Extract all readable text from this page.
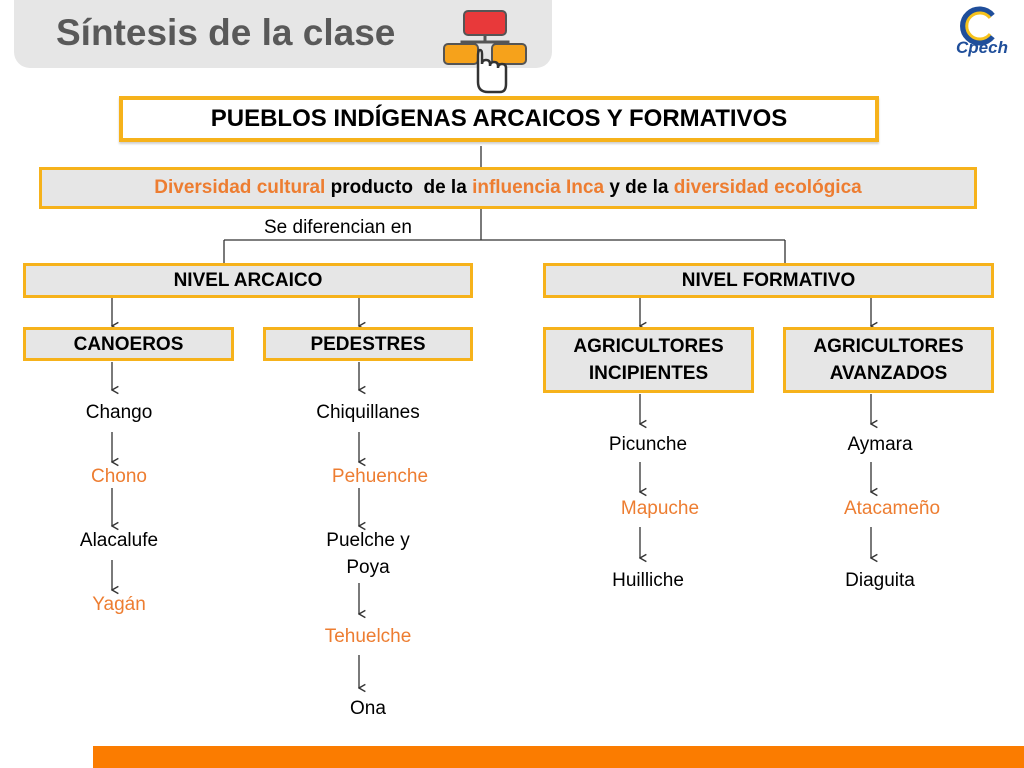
Síntesis de la clase	Cpech
PUEBLOS INDÍGENAS ARCAICOS Y FORMATIVOS
Diversidad cultural producto  de la influencia Inca y de la diversidad ecológica
Se diferencian en
NIVEL ARCAICO	NIVEL FORMATIVO
CANOEROS	PEDESTRES	AGRICULTORES
INCIPIENTES
AGRICULTORES
AVANZADOS
Chango
Chono
Alacalufe
Yagán
Chiquillanes
Pehuenche
Puelche y
Poya
Tehuelche
Ona
Picunche
Mapuche
Huilliche
Aymara
Atacameño
Diaguita
